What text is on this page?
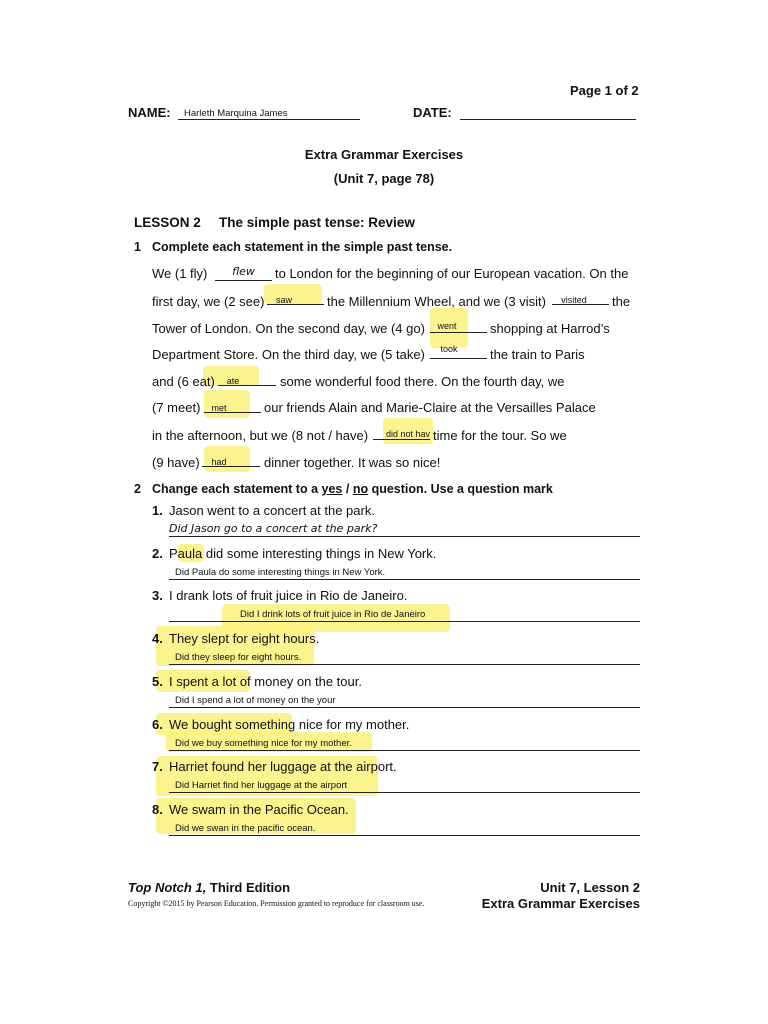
Page 1 of 2
NAME: Harleth Marquina James	DATE:
Extra Grammar Exercises
(Unit 7, page 78)
LESSON 2 The simple past tense: Review
1 Complete each statement in the simple past tense.
We (1 fly)	flew	to London for the beginning of our European vacation. On the
first day, we (2 see)	saw	the Millennium Wheel, and we (3 visit)	visited	the
Tower of London. On the second day, we (4 go)	went	shopping at Harrod’s
Department Store. On the third day, we (5 take)	took	the train to Paris
and (6 eat)	ate	some wonderful food there. On the fourth day, we
(7 meet)	met	our friends Alain and Marie-Claire at the Versailles Palace
in the afternoon, but we (8 not / have)	did not hav time for the tour. So we
(9 have)	had	dinner together. It was so nice!
2 Change each statement to a yes / no question. Use a question mark
1. Jason went to a concert at the park.
Did Jason go to a concert at the park?
2. Paula did some interesting things in New York.
Did Paula do some interesting things in New York.
3. I drank lots of fruit juice in Rio de Janeiro.
Did I drink lots of fruit juice in Rio de Janeiro
4. They slept for eight hours.
Did they sleep for eight hours.
5. I spent a lot of money on the tour.
Did I spend a lot of money on the your
6. We bought something nice for my mother.
Did we buy something nice for my mother.
7. Harriet found her luggage at the airport.
Did Harriet find her luggage at the airport
8. We swam in the Pacific Ocean.
Did we swan in the pacific ocean.
Top Notch 1, Third Edition
Copyright ©2015 by Pearson Education. Permission granted to reproduce for classroom use.
Unit 7, Lesson 2
Extra Grammar Exercises
